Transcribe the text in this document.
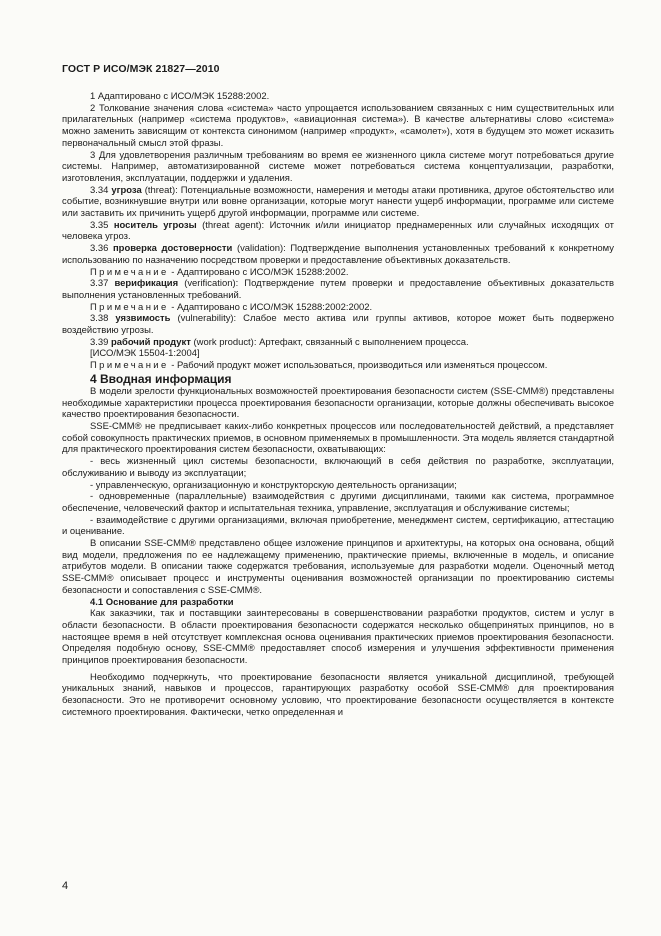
ГОСТ Р ИСО/МЭК 21827—2010

1 Адаптировано с ИСО/МЭК 15288:2002.

2 Толкование значения слова «система» часто упрощается использованием связанных с ним существительных или прилагательных (например «система продуктов», «авиационная система»). В качестве альтернативы слово «система» можно заменить зависящим от контекста синонимом (например «продукт», «самолет»), хотя в будущем это может исказить первоначальный смысл этой фразы.

3 Для удовлетворения различным требованиям во время ее жизненного цикла системе могут потребоваться другие системы. Например, автоматизированной системе может потребоваться система концептуализации, разработки, изготовления, эксплуатации, поддержки и удаления.

3.34 угроза (threat): Потенциальные возможности, намерения и методы атаки противника, другое обстоятельство или событие, возникнувшие внутри или вовне организации, которые могут нанести ущерб информации, программе или системе или заставить их причинить ущерб другой информации, программе или системе.

3.35 носитель угрозы (threat agent): Источник и/или инициатор преднамеренных или случайных исходящих от человека угроз.

3.36 проверка достоверности (validation): Подтверждение выполнения установленных требований к конкретному использованию по назначению посредством проверки и предоставление объективных доказательств.

Примечание - Адаптировано с ИСО/МЭК 15288:2002.

3.37 верификация (verification): Подтверждение путем проверки и предоставление объективных доказательств выполнения установленных требований.

Примечание - Адаптировано с ИСО/МЭК 15288:2002:2002.

3.38 уязвимость (vulnerability): Слабое место актива или группы активов, которое может быть подвержено воздействию угрозы.

3.39 рабочий продукт (work product): Артефакт, связанный с выполнением процесса.

[ИСО/МЭК 15504-1:2004]

Примечание - Рабочий продукт может использоваться, производиться или изменяться процессом.

4 Вводная информация

В модели зрелости функциональных возможностей проектирования безопасности систем (SSE-CMM®) представлены необходимые характеристики процесса проектирования безопасности организации, которые должны обеспечивать высокое качество проектирования безопасности.

SSE-CMM® не предписывает каких-либо конкретных процессов или последовательностей действий, а представляет собой совокупность практических приемов, в основном применяемых в промышленности. Эта модель является стандартной для практического проектирования систем безопасности, охватывающих:

- весь жизненный цикл системы безопасности, включающий в себя действия по разработке, эксплуатации, обслуживанию и выводу из эксплуатации;

- управленческую, организационную и конструкторскую деятельность организации;

- одновременные (параллельные) взаимодействия с другими дисциплинами, такими как система, программное обеспечение, человеческий фактор и испытательная техника, управление, эксплуатация и обслуживание системы;

- взаимодействие с другими организациями, включая приобретение, менеджмент систем, сертификацию, аттестацию и оценивание.

В описании SSE-CMM® представлено общее изложение принципов и архитектуры, на которых она основана, общий вид модели, предложения по ее надлежащему применению, практические приемы, включенные в модель, и описание атрибутов модели. В описании также содержатся требования, используемые для разработки модели. Оценочный метод SSE-CMM® описывает процесс и инструменты оценивания возможностей организации по проектированию системы безопасности и сопоставления с SSE-CMM®.

4.1 Основание для разработки

Как заказчики, так и поставщики заинтересованы в совершенствовании разработки продуктов, систем и услуг в области безопасности. В области проектирования безопасности содержатся несколько общепринятых принципов, но в настоящее время в ней отсутствует комплексная основа оценивания практических приемов проектирования безопасности. Определяя подобную основу, SSE-CMM® предоставляет способ измерения и улучшения эффективности применения принципов проектирования безопасности.

Необходимо подчеркнуть, что проектирование безопасности является уникальной дисциплиной, требующей уникальных знаний, навыков и процессов, гарантирующих разработку особой SSE-CMM® для проектирования безопасности. Это не противоречит основному условию, что проектирование безопасности осуществляется в контексте системного проектирования. Фактически, четко определенная и

4
